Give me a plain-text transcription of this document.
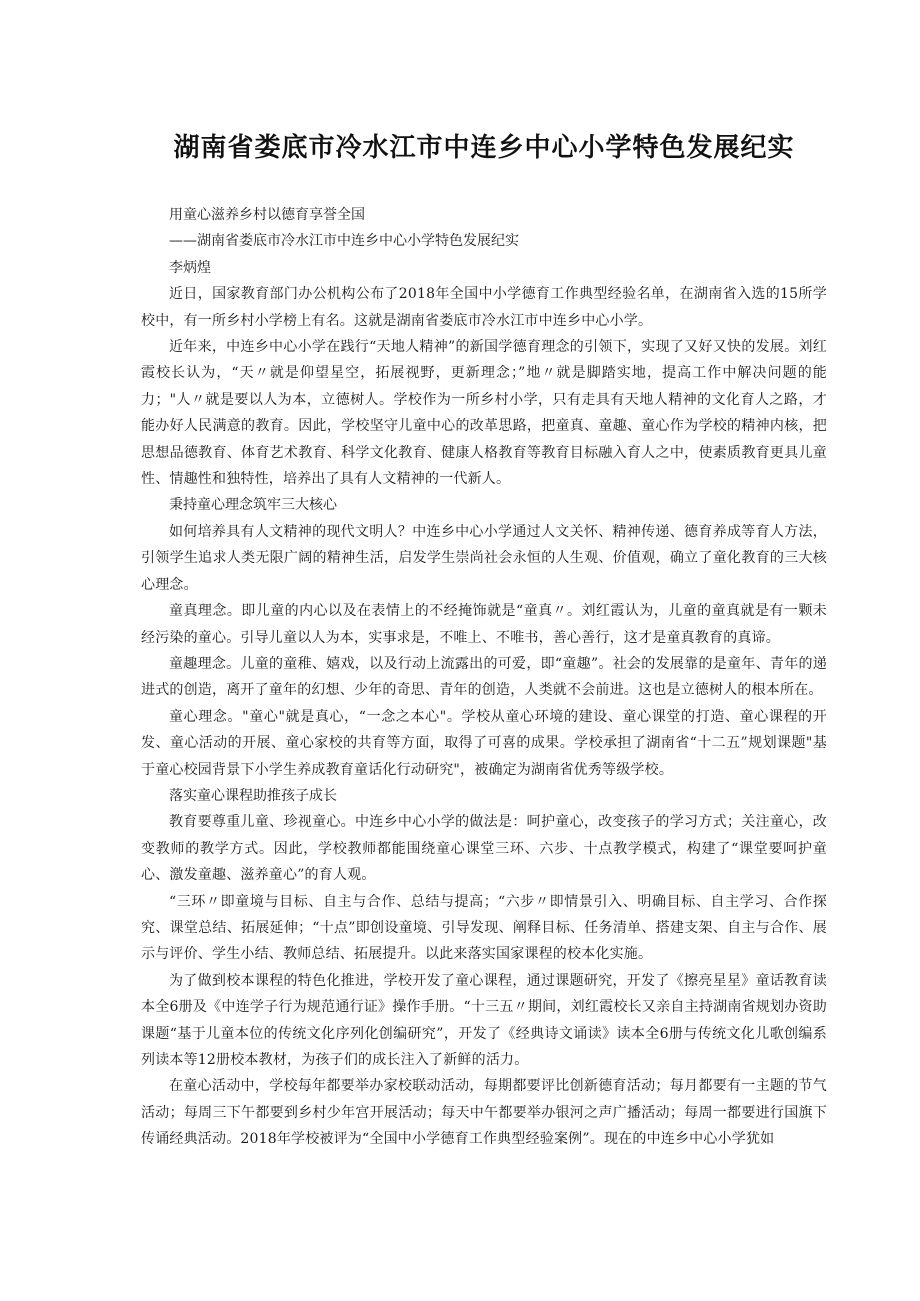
湖南省娄底市冷水江市中连乡中心小学特色发展纪实

用童心滋养乡村以德育享誉全国

——湖南省娄底市冷水江市中连乡中心小学特色发展纪实

李炳煌

近日，国家教育部门办公机构公布了2018年全国中小学德育工作典型经验名单，在湖南省入选的15所学校中，有一所乡村小学榜上有名。这就是湖南省娄底市冷水江市中连乡中心小学。

近年来，中连乡中心小学在践行“天地人精神”的新国学德育理念的引领下，实现了又好又快的发展。刘红霞校长认为，“天〃就是仰望星空，拓展视野，更新理念；”地〃就是脚踏实地，提高工作中解决问题的能力；"人〃就是要以人为本，立德树人。学校作为一所乡村小学，只有走具有天地人精神的文化育人之路，才能办好人民满意的教育。因此，学校坚守儿童中心的改革思路，把童真、童趣、童心作为学校的精神内核，把思想品德教育、体育艺术教育、科学文化教育、健康人格教育等教育目标融入育人之中，使素质教育更具儿童性、情趣性和独特性，培养出了具有人文精神的一代新人。

秉持童心理念筑牢三大核心

如何培养具有人文精神的现代文明人？中连乡中心小学通过人文关怀、精神传递、德育养成等育人方法，引领学生追求人类无限广阔的精神生活，启发学生崇尚社会永恒的人生观、价值观，确立了童化教育的三大核心理念。

童真理念。即儿童的内心以及在表情上的不经掩饰就是“童真〃。刘红霞认为，儿童的童真就是有一颗未经污染的童心。引导儿童以人为本，实事求是，不唯上、不唯书，善心善行，这才是童真教育的真谛。

童趣理念。儿童的童稚、嬉戏，以及行动上流露出的可爱，即“童趣”。社会的发展靠的是童年、青年的递进式的创造，离开了童年的幻想、少年的奇思、青年的创造，人类就不会前进。这也是立德树人的根本所在。

童心理念。"童心"就是真心，“一念之本心"。学校从童心环境的建设、童心课堂的打造、童心课程的开发、童心活动的开展、童心家校的共育等方面，取得了可喜的成果。学校承担了湖南省“十二五”规划课题"基于童心校园背景下小学生养成教育童话化行动研究"，被确定为湖南省优秀等级学校。

落实童心课程助推孩子成长

教育要尊重儿童、珍视童心。中连乡中心小学的做法是：呵护童心，改变孩子的学习方式；关注童心，改变教师的教学方式。因此，学校教师都能围绕童心课堂三环、六步、十点教学模式，构建了“课堂要呵护童心、激发童趣、滋养童心”的育人观。

“三环〃即童境与目标、自主与合作、总结与提高；“六步〃即情景引入、明确目标、自主学习、合作探究、课堂总结、拓展延伸；“十点”即创设童境、引导发现、阐释目标、任务清单、搭建支架、自主与合作、展示与评价、学生小结、教师总结、拓展提升。以此来落实国家课程的校本化实施。

为了做到校本课程的特色化推进，学校开发了童心课程，通过课题研究，开发了《擦亮星星》童话教育读本全6册及《中连学子行为规范通行证》操作手册。“十三五〃期间，刘红霞校长又亲自主持湖南省规划办资助课题“基于儿童本位的传统文化序列化创编研究”，开发了《经典诗文诵读》读本全6册与传统文化儿歌创编系列读本等12册校本教材，为孩子们的成长注入了新鲜的活力。

在童心活动中，学校每年都要举办家校联动活动，每期都要评比创新德育活动；每月都要有一主题的节气活动；每周三下午都要到乡村少年宫开展活动；每天中午都要举办银河之声广播活动；每周一都要进行国旗下传诵经典活动。2018年学校被评为“全国中小学德育工作典型经验案例”。现在的中连乡中心小学犹如
